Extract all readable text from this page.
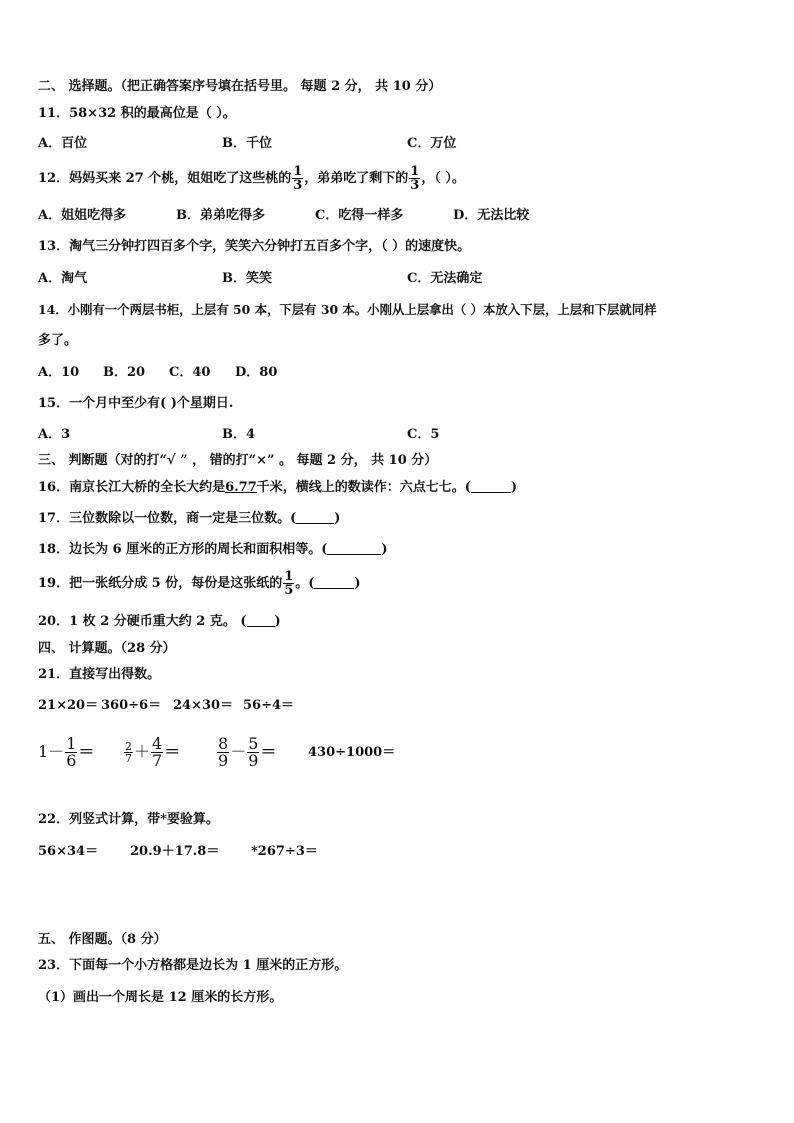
二、 选择题。（把正确答案序号填在括号里。 每题 2 分， 共 10 分）
11．58×32 积的最高位是（ ）。
A．百位	B．千位	C．万位
12．妈妈买来 27 个桃，姐姐吃了这些桃的 $\frac{1}{3}$ ，弟弟吃了剩下的 $\frac{1}{3}$ ，（ ）。
A．姐姐吃得多	B．弟弟吃得多	C．吃得一样多	D．无法比较
13．淘气三分钟打四百多个字，笑笑六分钟打五百多个字，（ ）的速度快。
A．淘气	B．笑笑	C．无法确定
14．小刚有一个两层书柜，上层有 50 本，下层有 30 本。小刚从上层拿出（ ）本放入下层，上层和下层就同样
多了。
A．10 B．20 C．40 D．80
15．一个月中至少有( )个星期日.
A．3	B．4	C．5
三、 判断题（对的打“√ ” ， 错的打“×” 。 每题 2 分， 共 10 分）
16．南京长江大桥的全长大约是6.77千米，横线上的数读作：六点七七。(	)
17．三位数除以一位数，商一定是三位数。(	)
18．边长为 6 厘米的正方形的周长和面积相等。(	)
19．把一张纸分成 5 份，每份是这张纸的 $\frac{1}{5}$ 。(	)
20．1 枚 2 分硬币重大约 2 克。 ( )
四、 计算题。（28 分）
21．直接写出得数。
21×20＝ 360÷6＝ 24×30＝ 56÷4＝
$1- \frac{1}{6}$ ＝	$\frac{2}{7} + \frac{4}{7} = \frac{8}{9} - \frac{5}{9} = 430\div 1000=$
22．列竖式计算，带*要验算。
56×34＝ 20.9＋17.8＝ *267÷3＝
五、 作图题。（8 分）
23．下面每一个小方格都是边长为 1 厘米的正方形。
（1）画出一个周长是 12 厘米的长方形。
